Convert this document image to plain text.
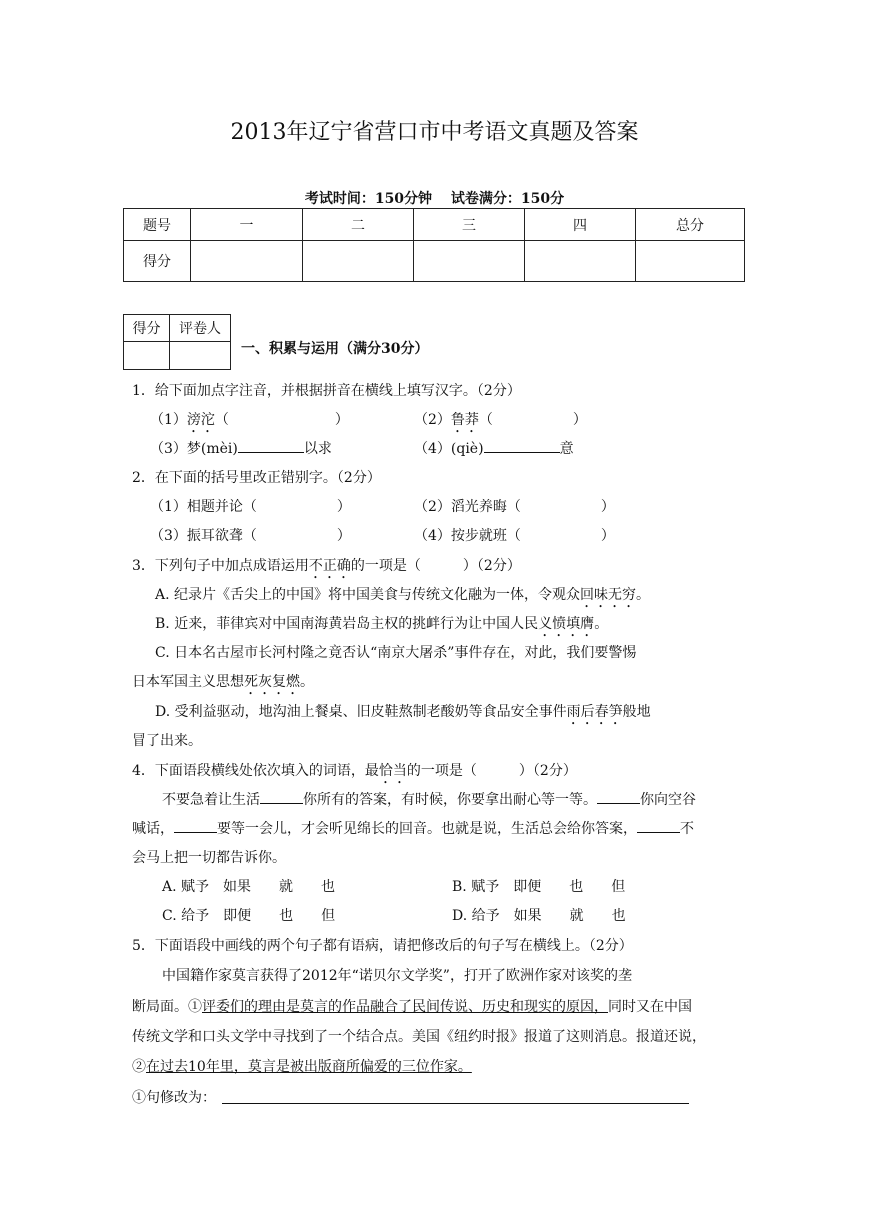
2013年辽宁省营口市中考语文真题及答案
考试时间：150分钟　 试卷满分：150分
题号	一	二	三	四	总分
得分					
得分	评卷人

一、积累与运用（满分30分）
1．给下面加点字注音，并根据拼音在横线上填写汉字。（2分）
（1）滂沱（	）	（2）鲁莽（	）
（3）梦(mèi)	以求	（4）(qiè)	意
2．在下面的括号里改正错别字。（2分）
（1）相题并论（	）	（2）滔光养晦（	）
（3）振耳欲聋（	）	（4）按步就班（	）
3．下列句子中加点成语运用不正确的一项是（　　　）（2分）
A. 纪录片《舌尖上的中国》将中国美食与传统文化融为一体，令观众回味无穷。
B. 近来，菲律宾对中国南海黄岩岛主权的挑衅行为让中国人民义愤填膺。
C. 日本名古屋市长河村隆之竟否认“南京大屠杀”事件存在，对此，我们要警惕
日本军国主义思想死灰复燃。
D. 受利益驱动，地沟油上餐桌、旧皮鞋熬制老酸奶等食品安全事件雨后春笋般地
冒了出来。
4．下面语段横线处依次填入的词语，最恰当的一项是（　　　）（2分）
不要急着让生活	你所有的答案，有时候，你要拿出耐心等一等。	你向空谷
喊话，	要等一会儿，才会听见绵长的回音。也就是说，生活总会给你答案，	不
会马上把一切都告诉你。
A. 赋予　如果　　就　　也	B. 赋予　即便　　也　　但
C. 给予　即便　　也　　但	D. 给予　如果　　就　　也
5．下面语段中画线的两个句子都有语病，请把修改后的句子写在横线上。（2分）
中国籍作家莫言获得了2012年“诺贝尔文学奖”，打开了欧洲作家对该奖的垄
断局面。①评委们的理由是莫言的作品融合了民间传说、历史和现实的原因，同时又在中国
传统文学和口头文学中寻找到了一个结合点。美国《纽约时报》报道了这则消息。报道还说，
②在过去10年里，莫言是被出版商所偏爱的三位作家。
①句修改为：
